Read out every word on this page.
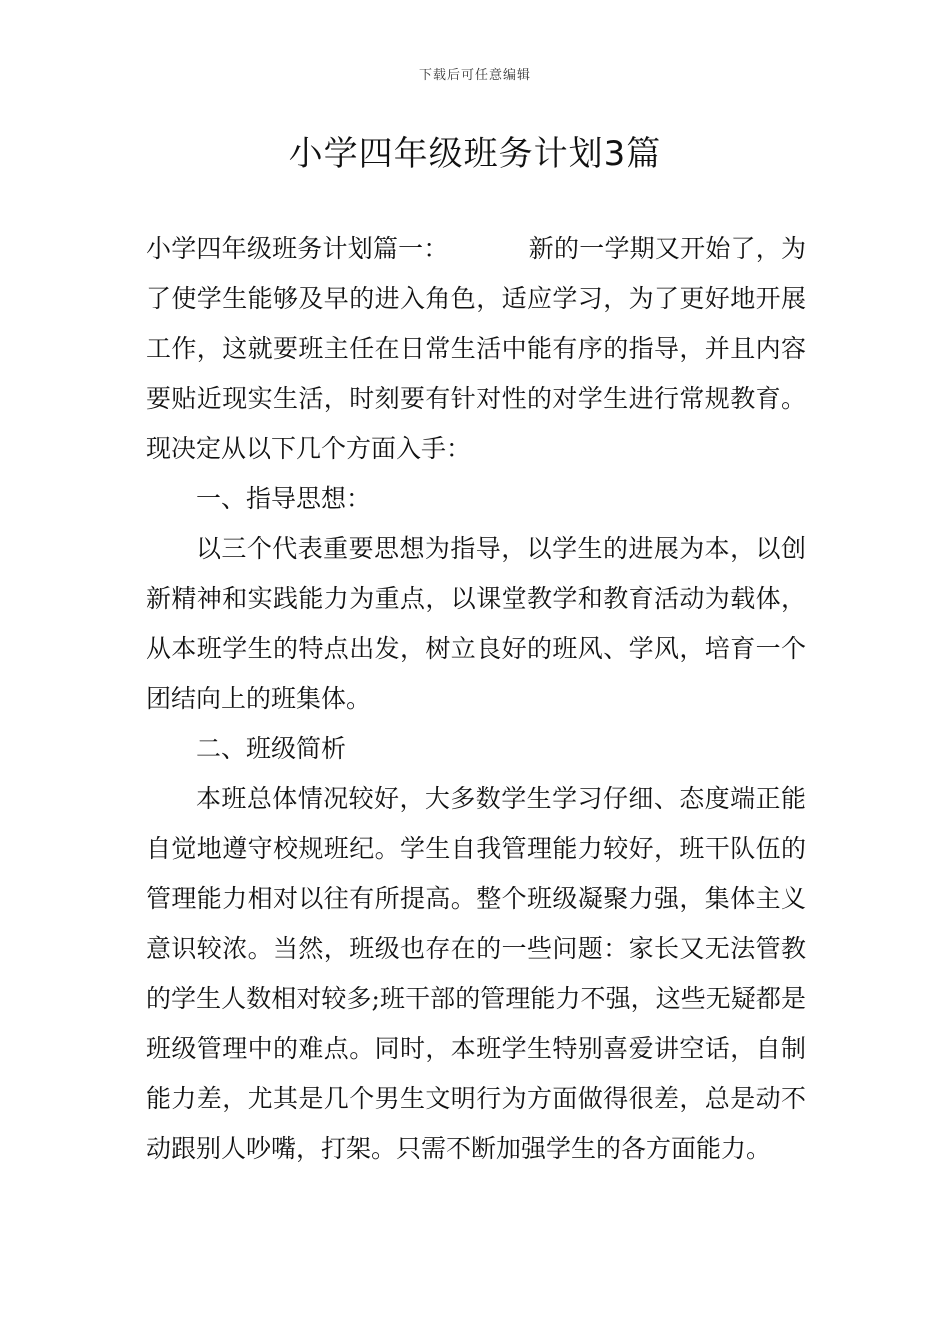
下载后可任意编辑
小学四年级班务计划3篇

小学四年级班务计划篇一：	新的一学期又开始了，为了使学生能够及早的进入角色，适应学习，为了更好地开展工作，这就要班主任在日常生活中能有序的指导，并且内容要贴近现实生活，时刻要有针对性的对学生进行常规教育。现决定从以下几个方面入手：

一、指导思想：

以三个代表重要思想为指导，以学生的进展为本，以创新精神和实践能力为重点，以课堂教学和教育活动为载体，从本班学生的特点出发，树立良好的班风、学风，培育一个团结向上的班集体。

二、班级简析

本班总体情况较好，大多数学生学习仔细、态度端正能自觉地遵守校规班纪。学生自我管理能力较好，班干队伍的管理能力相对以往有所提高。整个班级凝聚力强，集体主义意识较浓。当然，班级也存在的一些问题：家长又无法管教的学生人数相对较多;班干部的管理能力不强，这些无疑都是班级管理中的难点。同时，本班学生特别喜爱讲空话，自制能力差，尤其是几个男生文明行为方面做得很差，总是动不动跟别人吵嘴，打架。只需不断加强学生的各方面能力。
